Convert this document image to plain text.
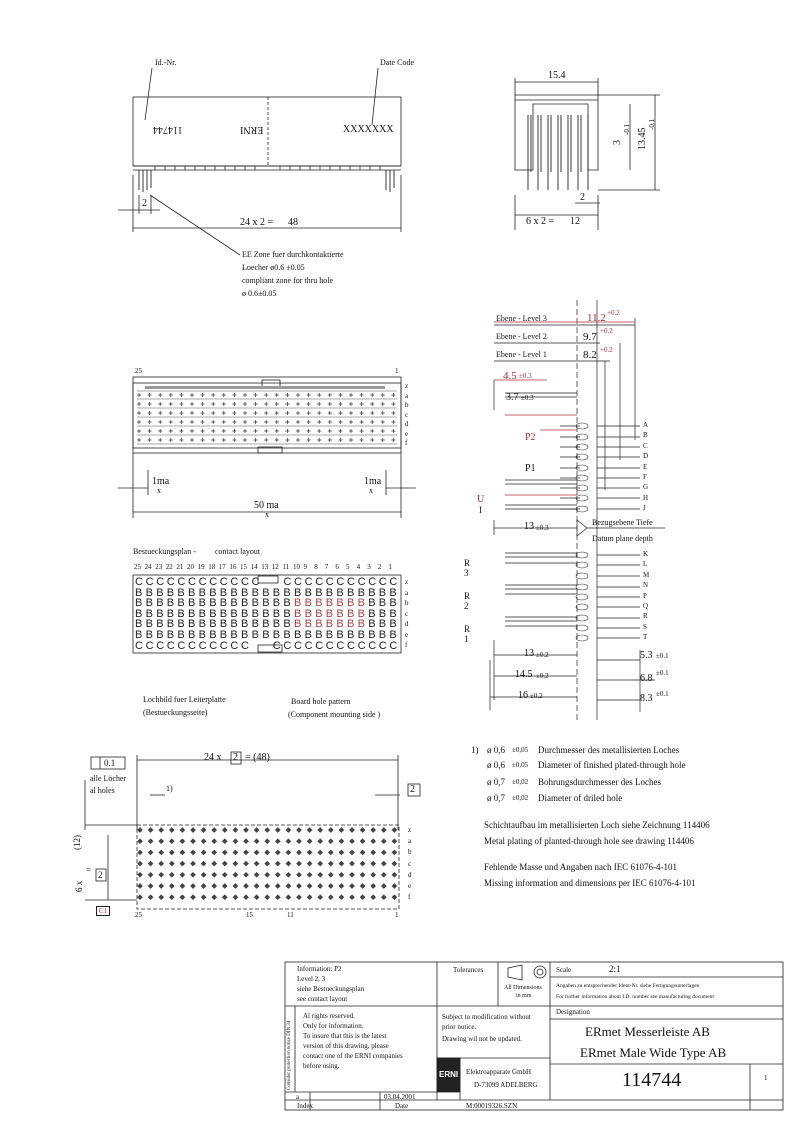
Id.-Nr.	Date Code
114744	ERNI	XXXXXXX
2
24 x 2 = 48
EE Zone fuer durchkontaktierte
Loecher ø0.6 ±0.05
compliant zone for thru hole
ø 0.6±0.05
15.4
13.45
-0.1
3
-0.1
2
6 x 2 = 12
Ebene - Level 3	11.2 +0.2
Ebene - Level 2	9.7 +0.2
Ebene - Level 1	8.2 +0.2
4.5 ±0.3
3.7 ±0.3
P2
P1
U
I
13 ±0.3
Bezugsebene Tiefe
Datum plane depth
A
B
C
D
E
F
G
H
J
K
L
M
N
P
Q
R
S
T
R
3
R
2
R
1
13 ±0.2
14.5 ±0.2
16 ±0.2
5.3 ±0.1
6.8 ±0.1
8.3 ±0.1
25	1
z
a
b
c
d
e
f
1ma
x
1ma
x
50 ma
x
Bestueckungsplan - contact layout
25 24 23 22 21 20 19 18 17 16 15 14 13 12 11 10 9 8 7 6 5 4 3 2 1
z
a
b
c
d
e
f
C C C C C C C C C C C C C C C C C C C C C C C
B B B B B B B B B B B B B B B B B B B B B B B B B
B B B B B B B B B B B B B B B B B B B B B B B B B
B B B B B B B B B B B B B B B B B B B B B B B B B
B B B B B B B B B B B B B B B B B B B B B B B B B
B B B B B B B B B B B B B B B B B B B B B B B B B
C C C C C C C C C C C C C C C C C C C C C C C
Lochbild fuer Leiterplatte
(Bestueckungsseite)
Board hole pattern
(Component mounting side )
0.1
alle Löcher
al holes	1)
24 x 2 = (48)
2
(12)
6 x
2
=
C1	25	15	11	1
z
a
b
c
d
e
f
1) ø 0,6 ±0,05 Durchmesser des metallisierten Loches
ø 0,6 ±0,05 Diameter of finished plated-through hole
ø 0,7 ±0,02 Bohrungsdurchmesser des Loches
ø 0,7 ±0,02 Diameter of driled hole
Schichtaufbau im metallisierten Loch siehe Zeichnung 114406
Metal plating of planted-through hole see drawing 114406
Fehlende Masse und Angaben nach IEC 61076-4-101
Missing information and dimensions per IEC 61076-4-101
Information: P2
Level 2, 3
siehe Bestueckungsplan
see contact layout
Tolerances
All Dimensions
in mm
Scale	2:1
Angaben zu entsprechender Ident-Nr. siehe Fertigungsunterlagen
For further information about I.D. number see manufacturing document
Al rights reserved.
Only for information.
To insure that this is the latest
version of this drawing, please
contact one of the ERNI companies
before using.
Consider protection notice DIN 34
Subject to modification without
prior notice.
Drawing wil not be updated.
Designation
ERmet Messerleiste AB
ERmet Male Wide Type AB
Elektroapparate GmbH
D-73099 ADELBERG
ERNI	114744	1
a	03.04.2001
Index	Date	M:00019326.SZN
